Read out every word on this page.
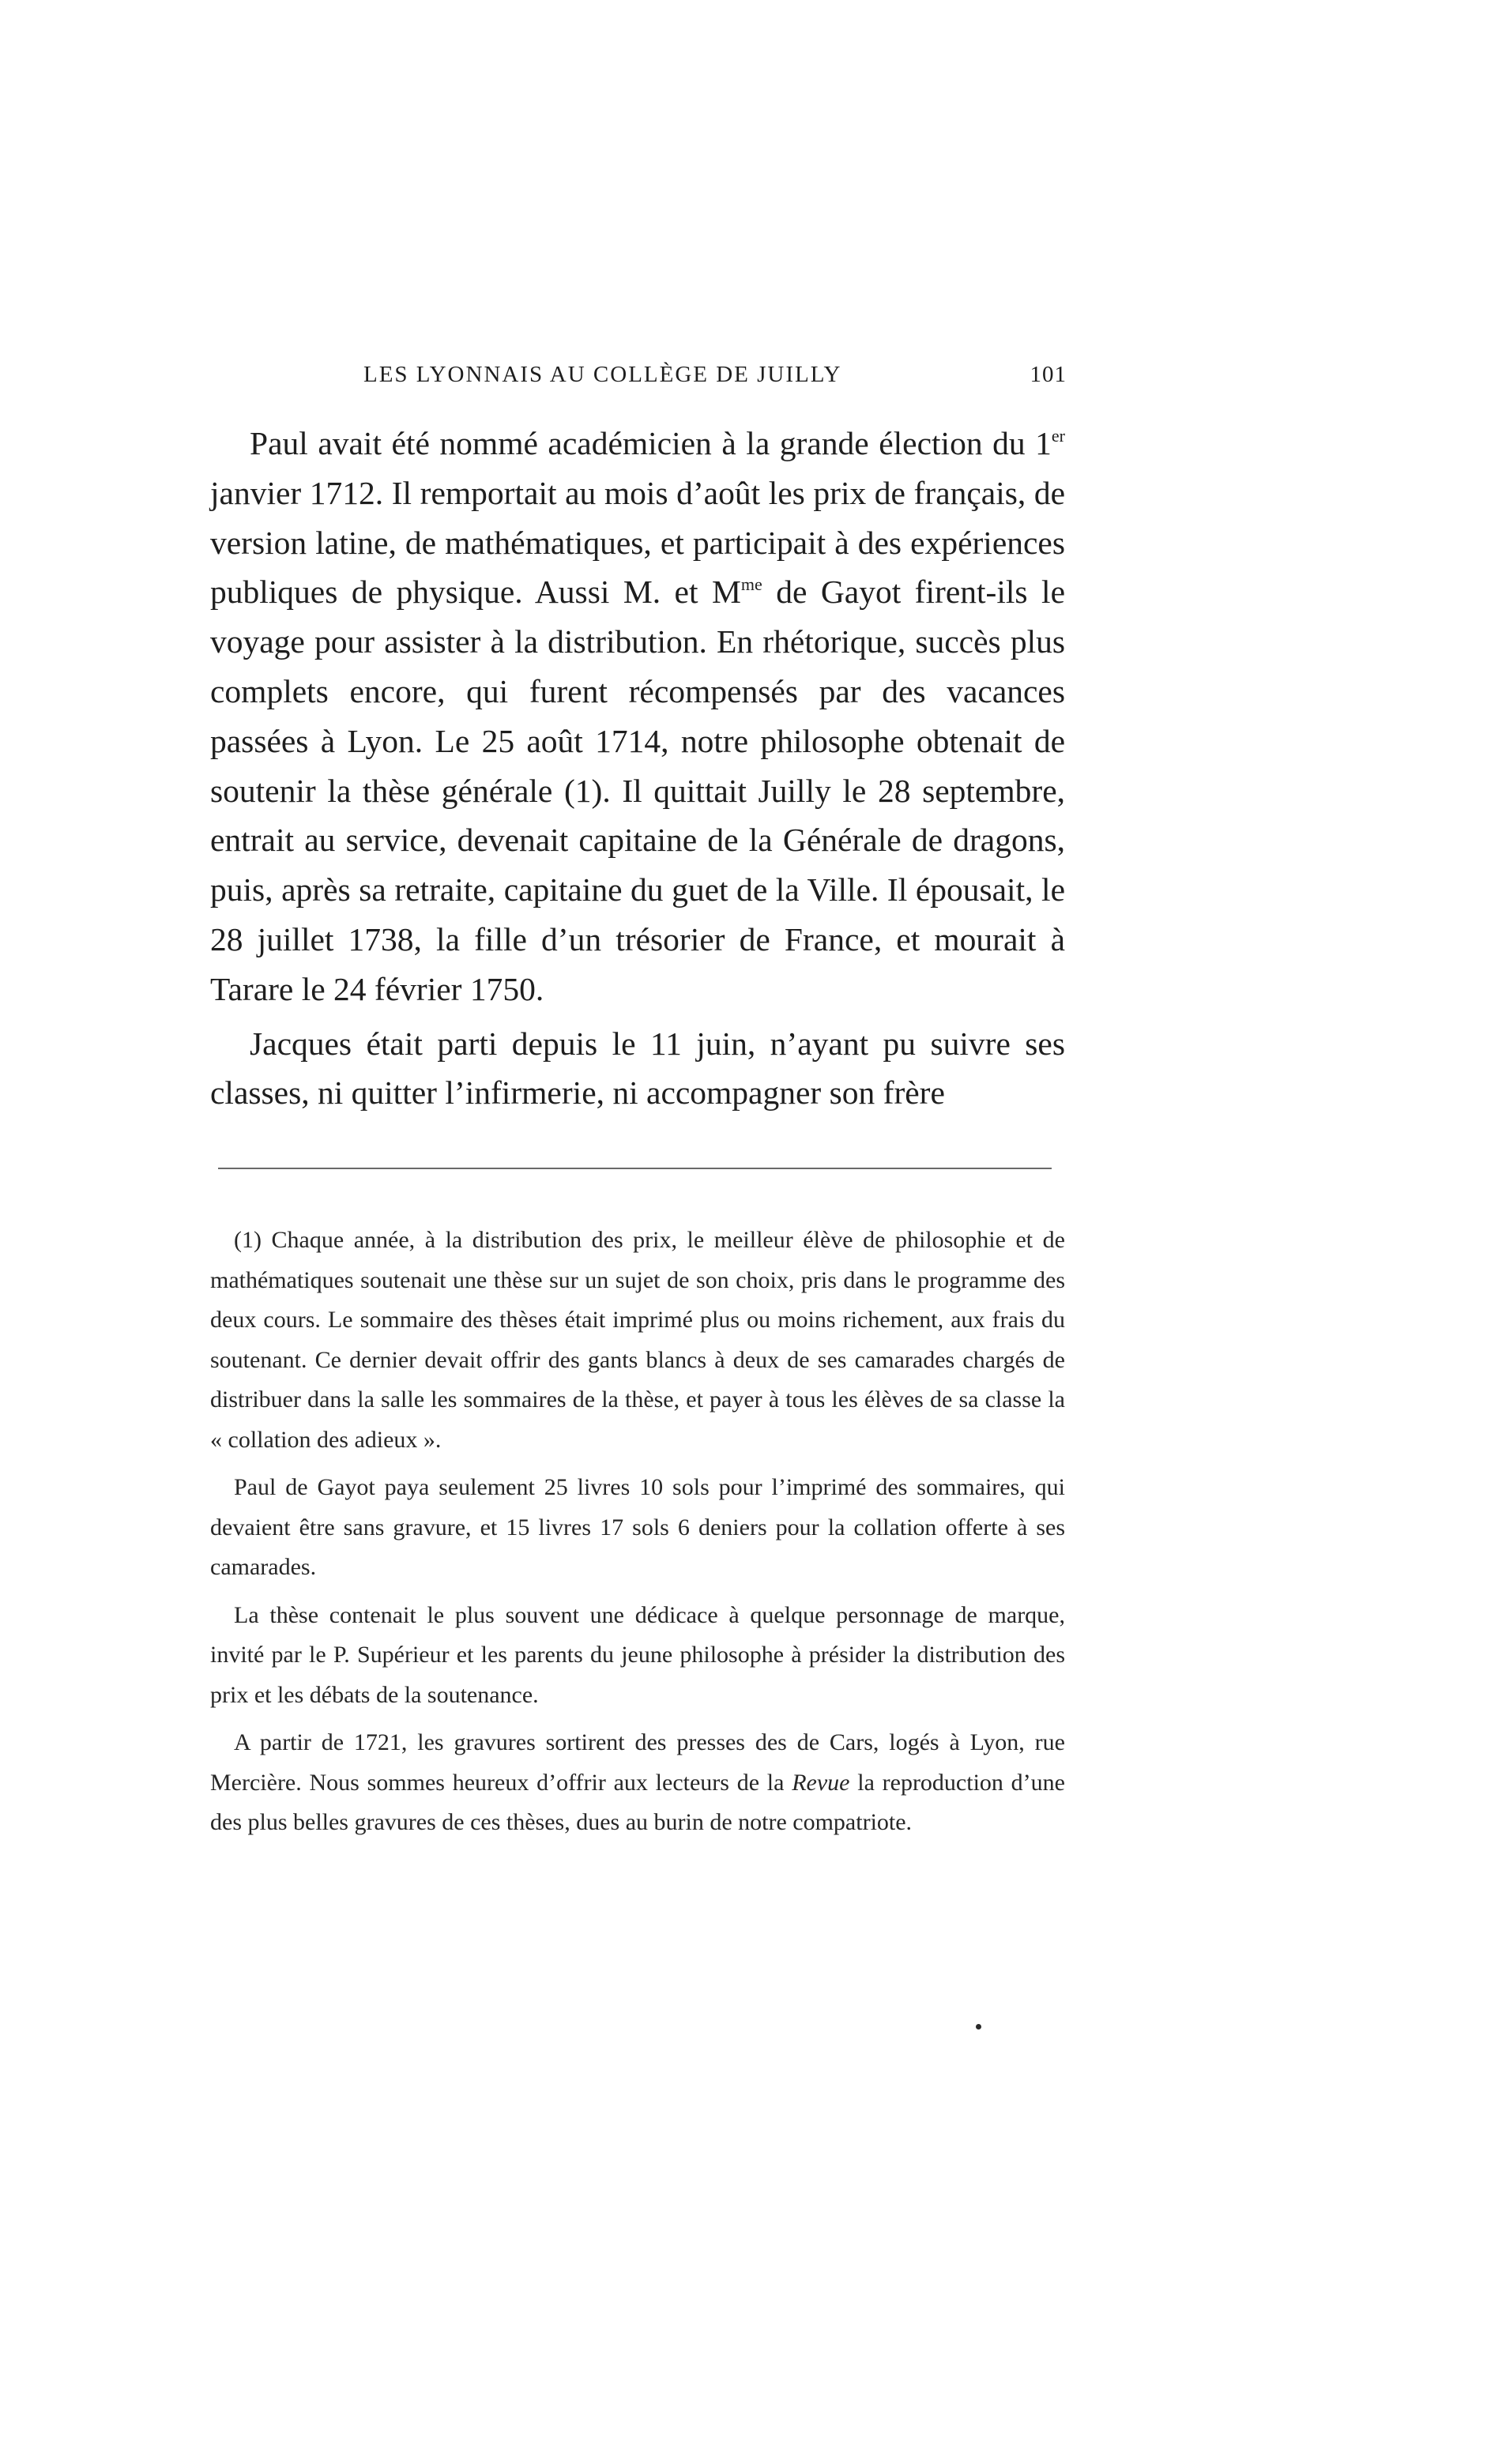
LES LYONNAIS AU COLLÈGE DE JUILLY	101

Paul avait été nommé académicien à la grande élection du 1er janvier 1712. Il remportait au mois d’août les prix de français, de version latine, de mathématiques, et participait à des expériences publiques de physique. Aussi M. et $M^{me}$ de Gayot firent-ils le voyage pour assister à la distribution. En rhétorique, succès plus complets encore, qui furent récompensés par des vacances passées à Lyon. Le 25 août 1714, notre philosophe obtenait de soutenir la thèse générale (1). Il quittait Juilly le 28 septembre, entrait au service, devenait capitaine de la Générale de dragons, puis, après sa retraite, capitaine du guet de la Ville. Il épousait, le 28 juillet 1738, la fille d’un trésorier de France, et mourait à Tarare le 24 février 1750.

Jacques était parti depuis le 11 juin, n’ayant pu suivre ses classes, ni quitter l’infirmerie, ni accompagner son frère

(1) Chaque année, à la distribution des prix, le meilleur élève de philosophie et de mathématiques soutenait une thèse sur un sujet de son choix, pris dans le programme des deux cours. Le sommaire des thèses était imprimé plus ou moins richement, aux frais du soutenant. Ce dernier devait offrir des gants blancs à deux de ses camarades chargés de distribuer dans la salle les sommaires de la thèse, et payer à tous les élèves de sa classe la « collation des adieux ».

Paul de Gayot paya seulement 25 livres 10 sols pour l’imprimé des sommaires, qui devaient être sans gravure, et 15 livres 17 sols 6 deniers pour la collation offerte à ses camarades.

La thèse contenait le plus souvent une dédicace à quelque personnage de marque, invité par le P. Supérieur et les parents du jeune philosophe à présider la distribution des prix et les débats de la soutenance.

A partir de 1721, les gravures sortirent des presses des de Cars, logés à Lyon, rue Mercière. Nous sommes heureux d’offrir aux lecteurs de la Revue la reproduction d’une des plus belles gravures de ces thèses, dues au burin de notre compatriote.
